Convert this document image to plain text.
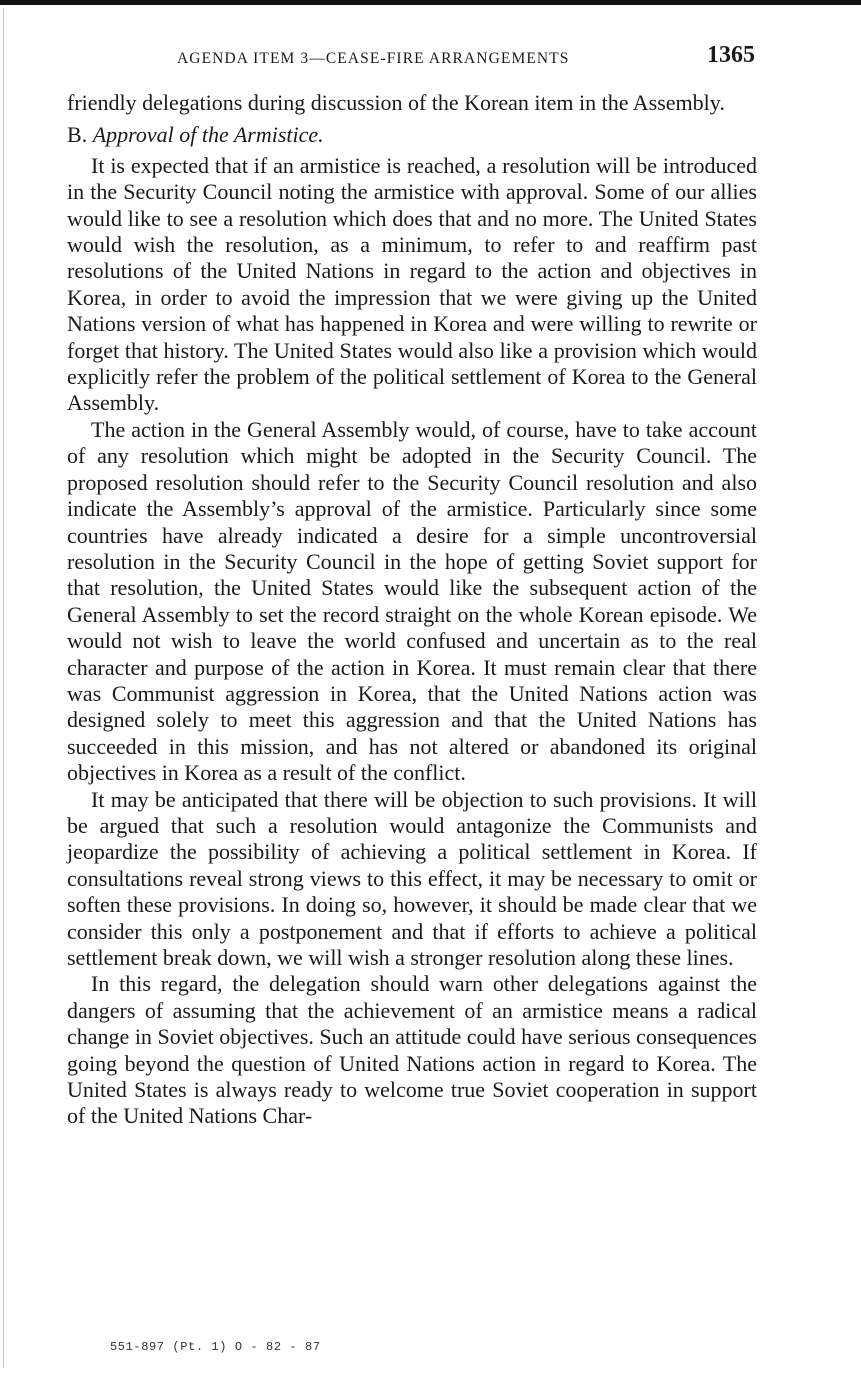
AGENDA ITEM 3—CEASE-FIRE ARRANGEMENTS	1365

friendly delegations during discussion of the Korean item in the Assembly.

B. Approval of the Armistice.

It is expected that if an armistice is reached, a resolution will be introduced in the Security Council noting the armistice with approval. Some of our allies would like to see a resolution which does that and no more. The United States would wish the resolution, as a minimum, to refer to and reaffirm past resolutions of the United Nations in regard to the action and objectives in Korea, in order to avoid the impression that we were giving up the United Nations version of what has happened in Korea and were willing to rewrite or forget that history. The United States would also like a provision which would explicitly refer the problem of the political settlement of Korea to the General Assembly.

The action in the General Assembly would, of course, have to take account of any resolution which might be adopted in the Security Council. The proposed resolution should refer to the Security Council resolution and also indicate the Assembly’s approval of the armistice. Particularly since some countries have already indicated a desire for a simple uncontroversial resolution in the Security Council in the hope of getting Soviet support for that resolution, the United States would like the subsequent action of the General Assembly to set the record straight on the whole Korean episode. We would not wish to leave the world confused and uncertain as to the real character and purpose of the action in Korea. It must remain clear that there was Communist aggression in Korea, that the United Nations action was designed solely to meet this aggression and that the United Nations has succeeded in this mission, and has not altered or abandoned its original objectives in Korea as a result of the conflict.

It may be anticipated that there will be objection to such provisions. It will be argued that such a resolution would antagonize the Communists and jeopardize the possibility of achieving a political settlement in Korea. If consultations reveal strong views to this effect, it may be necessary to omit or soften these provisions. In doing so, however, it should be made clear that we consider this only a postponement and that if efforts to achieve a political settlement break down, we will wish a stronger resolution along these lines.

In this regard, the delegation should warn other delegations against the dangers of assuming that the achievement of an armistice means a radical change in Soviet objectives. Such an attitude could have serious consequences going beyond the question of United Nations action in regard to Korea. The United States is always ready to welcome true Soviet cooperation in support of the United Nations Char-

551-897 (Pt. 1) O - 82 - 87
